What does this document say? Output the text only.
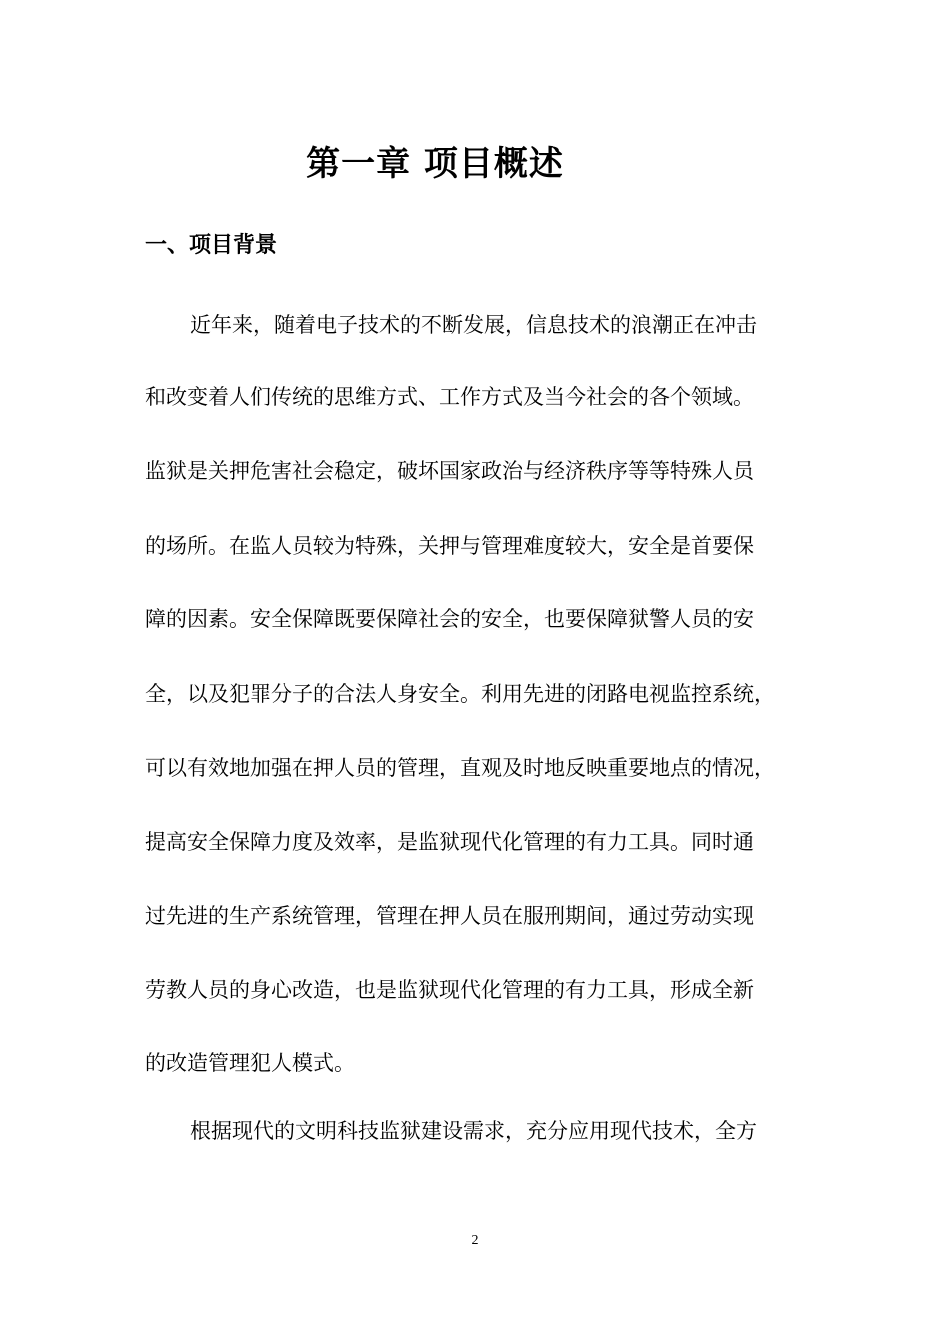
第一章 项目概述
一、项目背景

近年来，随着电子技术的不断发展，信息技术的浪潮正在冲击

和改变着人们传统的思维方式、工作方式及当今社会的各个领域。

监狱是关押危害社会稳定，破坏国家政治与经济秩序等等特殊人员

的场所。在监人员较为特殊，关押与管理难度较大，安全是首要保

障的因素。安全保障既要保障社会的安全，也要保障狱警人员的安

全，以及犯罪分子的合法人身安全。利用先进的闭路电视监控系统，

可以有效地加强在押人员的管理，直观及时地反映重要地点的情况，

提高安全保障力度及效率，是监狱现代化管理的有力工具。同时通

过先进的生产系统管理，管理在押人员在服刑期间，通过劳动实现

劳教人员的身心改造，也是监狱现代化管理的有力工具，形成全新

的改造管理犯人模式。

根据现代的文明科技监狱建设需求，充分应用现代技术，全方

2
